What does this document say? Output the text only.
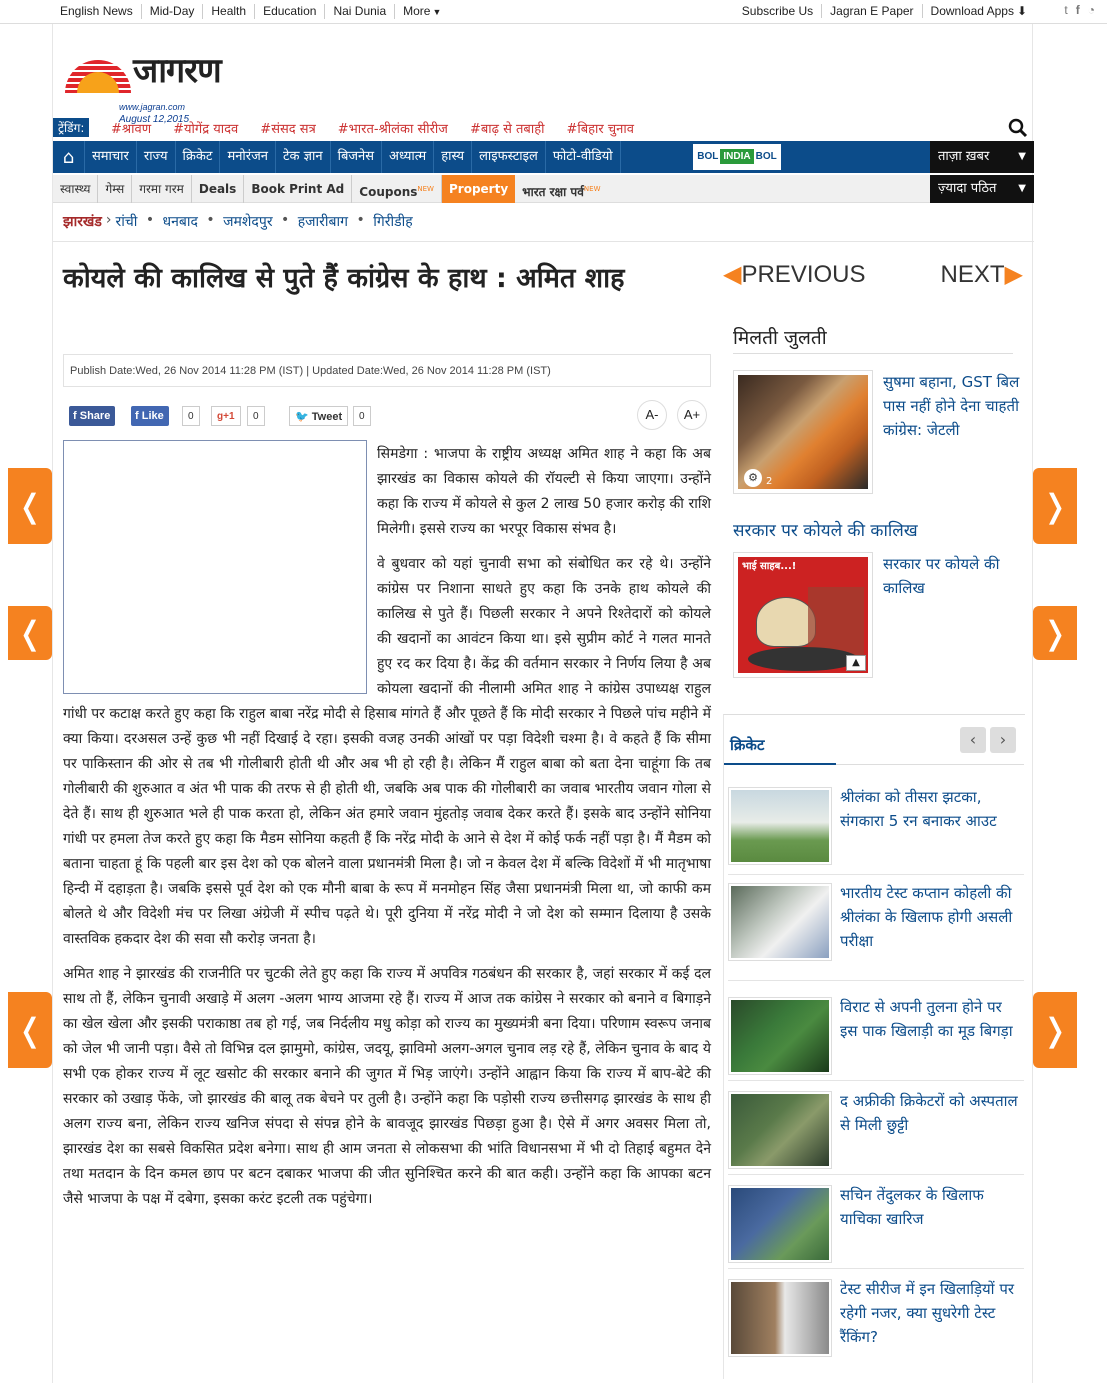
English News	Mid-Day	Health	Education	Nai Dunia	More ▼	Subscribe Us	Jagran E Paper	Download Apps ⬇	t f ◔
❬	❭
❬	❭
❬	❭
जागरण
www.jagran.com
August 12,2015
ट्रेंडिंग:	#श्रावण #योगेंद्र यादव #संसद सत्र #भारत-श्रीलंका सीरीज #बाढ़ से तबाही #बिहार चुनाव
⌂	समाचार	राज्य	क्रिकेट	मनोरंजन	टेक ज्ञान	बिजनेस	अध्यात्म	हास्य	लाइफस्टाइल	फोटो-वीडियो	BOL INDIA BOL	ताज़ा ख़बर	▼
स्वास्थ्य	गेम्स	गरमा गरम	Deals	Book Print Ad	Coupons$^{NEW}$	Property	भारत रक्षा पर्व$^{NEW}$	ज़्यादा पठित ▼
झारखंड › रांची • धनबाद • जमशेदपुर • हजारीबाग • गिरीडीह
कोयले की कालिख से पुते हैं कांग्रेस के हाथ : अमित शाह
Publish Date:Wed, 26 Nov 2014 11:28 PM (IST) | Updated Date:Wed, 26 Nov 2014 11:28 PM (IST)
f Share	f Like	0	g+1	0	🐦 Tweet	0	A-	A+

सिमडेगा : भाजपा के राष्ट्रीय अध्यक्ष अमित शाह ने कहा कि अब झारखंड का विकास कोयले की रॉयल्टी से किया जाएगा। उन्होंने कहा कि राज्य में कोयले से कुल 2 लाख 50 हजार करोड़ की राशि मिलेगी। इससे राज्य का भरपूर विकास संभव है।

वे बुधवार को यहां चुनावी सभा को संबोधित कर रहे थे। उन्होंने कांग्रेस पर निशाना साधते हुए कहा कि उनके हाथ कोयले की कालिख से पुते हैं। पिछली सरकार ने अपने रिश्तेदारों को कोयले की खदानों का आवंटन किया था। इसे सुप्रीम कोर्ट ने गलत मानते हुए रद कर दिया है। केंद्र की वर्तमान सरकार ने निर्णय लिया है अब कोयला खदानों की नीलामी अमित शाह ने कांग्रेस उपाध्यक्ष राहुल गांधी पर कटाक्ष करते हुए कहा कि राहुल बाबा नरेंद्र मोदी से हिसाब मांगते हैं और पूछते हैं कि मोदी सरकार ने पिछले पांच महीने में क्या किया। दरअसल उन्हें कुछ भी नहीं दिखाई दे रहा। इसकी वजह उनकी आंखों पर पड़ा विदेशी चश्मा है। वे कहते हैं कि सीमा पर पाकिस्तान की ओर से तब भी गोलीबारी होती थी और अब भी हो रही है। लेकिन मैं राहुल बाबा को बता देना चाहूंगा कि तब गोलीबारी की शुरुआत व अंत भी पाक की तरफ से ही होती थी, जबकि अब पाक की गोलीबारी का जवाब भारतीय जवान गोला से देते हैं। साथ ही शुरुआत भले ही पाक करता हो, लेकिन अंत हमारे जवान मुंहतोड़ जवाब देकर करते हैं। इसके बाद उन्होंने सोनिया गांधी पर हमला तेज करते हुए कहा कि मैडम सोनिया कहती हैं कि नरेंद्र मोदी के आने से देश में कोई फर्क नहीं पड़ा है। मैं मैडम को बताना चाहता हूं कि पहली बार इस देश को एक बोलने वाला प्रधानमंत्री मिला है। जो न केवल देश में बल्कि विदेशों में भी मातृभाषा हिन्दी में दहाड़ता है। जबकि इससे पूर्व देश को एक मौनी बाबा के रूप में मनमोहन सिंह जैसा प्रधानमंत्री मिला था, जो काफी कम बोलते थे और विदेशी मंच पर लिखा अंग्रेजी में स्पीच पढ़ते थे। पूरी दुनिया में नरेंद्र मोदी ने जो देश को सम्मान दिलाया है उसके वास्तविक हकदार देश की सवा सौ करोड़ जनता है।

अमित शाह ने झारखंड की राजनीति पर चुटकी लेते हुए कहा कि राज्य में अपवित्र गठबंधन की सरकार है, जहां सरकार में कई दल साथ तो हैं, लेकिन चुनावी अखाड़े में अलग -अलग भाग्य आजमा रहे हैं। राज्य में आज तक कांग्रेस ने सरकार को बनाने व बिगाड़ने का खेल खेला और इसकी पराकाष्ठा तब हो गई, जब निर्दलीय मधु कोड़ा को राज्य का मुख्यमंत्री बना दिया। परिणाम स्वरूप जनाब को जेल भी जानी पड़ा। वैसे तो विभिन्न दल झामुमो, कांग्रेस, जदयू, झाविमो अलग-अगल चुनाव लड़ रहे हैं, लेकिन चुनाव के बाद ये सभी एक होकर राज्य में लूट खसोट की सरकार बनाने की जुगत में भिड़ जाएंगे। उन्होंने आह्वान किया कि राज्य में बाप-बेटे की सरकार को उखाड़ फेंके, जो झारखंड की बालू तक बेचने पर तुली है। उन्होंने कहा कि पड़ोसी राज्य छत्तीसगढ़ झारखंड के साथ ही अलग राज्य बना, लेकिन राज्य खनिज संपदा से संपन्न होने के बावजूद झारखंड पिछड़ा हुआ है। ऐसे में अगर अवसर मिला तो, झारखंड देश का सबसे विकसित प्रदेश बनेगा। साथ ही आम जनता से लोकसभा की भांति विधानसभा में भी दो तिहाई बहुमत देने तथा मतदान के दिन कमल छाप पर बटन दबाकर भाजपा की जीत सुनिश्चित करने की बात कही। उन्होंने कहा कि आपका बटन जैसे भाजपा के पक्ष में दबेगा, इसका करंट इटली तक पहुंचेगा।

◀PREVIOUS	NEXT▶
मिलती जुलती
⚙ 2
सुषमा बहाना, GST बिल पास नहीं होने देना चाहती कांग्रेस: जेटली
सरकार पर कोयले की कालिख
भाई साहब...!
▲
सरकार पर कोयले की कालिख
क्रिकेट	‹	›
श्रीलंका को तीसरा झटका, संगकारा 5 रन बनाकर आउट
भारतीय टेस्ट कप्तान कोहली की श्रीलंका के खिलाफ होगी असली परीक्षा
विराट से अपनी तुलना होने पर इस पाक खिलाड़ी का मूड बिगड़ा
द अफ्रीकी क्रिकेटरों को अस्पताल से मिली छुट्टी
सचिन तेंदुलकर के खिलाफ याचिका खारिज
टेस्ट सीरीज में इन खिलाड़ियों पर रहेगी नजर, क्या सुधरेगी टेस्ट रैंकिंग?
